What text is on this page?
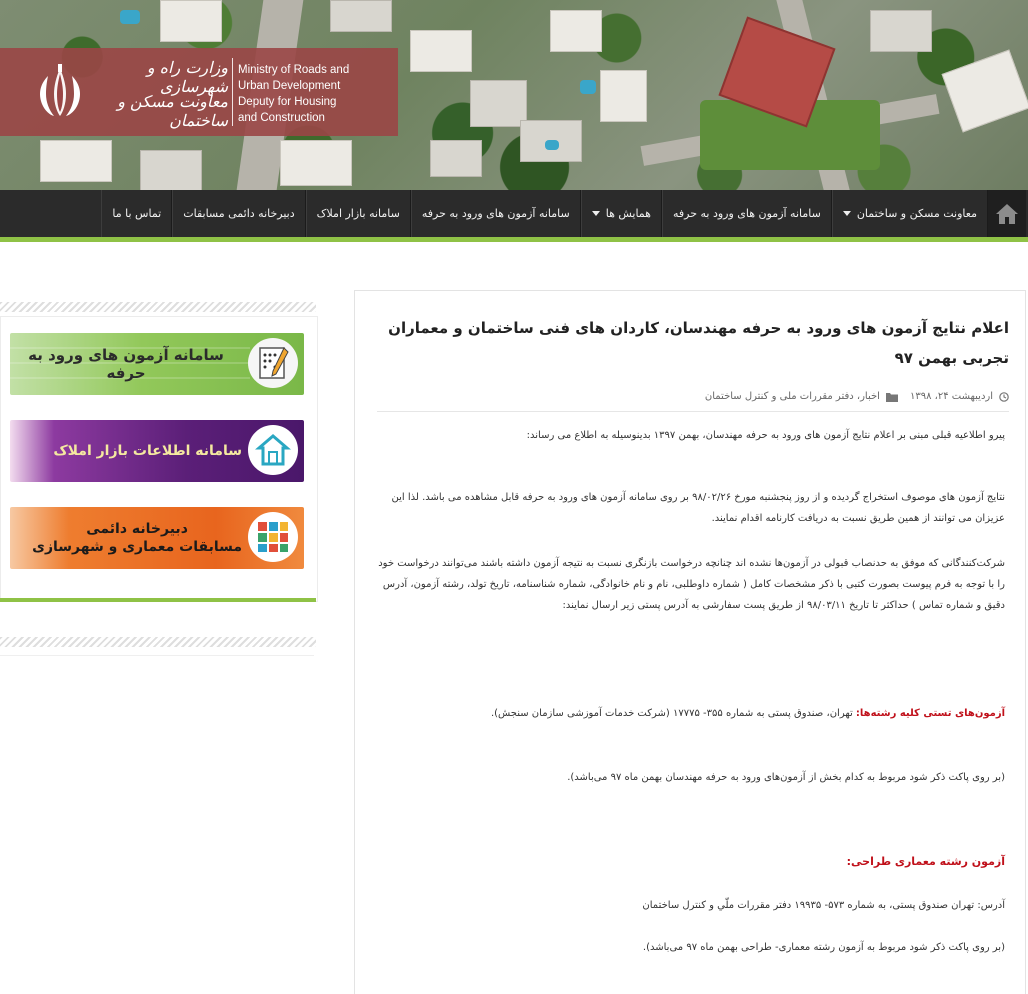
وزارت راه و شهرسازی
معاونت مسکن و ساختمان
Ministry of Roads and
Urban Development
Deputy for Housing
and Construction
معاونت مسکن و ساختمان
سامانه آزمون های ورود به حرفه
همایش ها
سامانه آزمون های ورود به حرفه
سامانه بازار املاک
دبیرخانه دائمی مسابقات
تماس با ما
سامانه آزمون های ورود به حرفه
سامانه اطلاعات بازار املاک
دبیرخانه دائمی
مسابقات معماری و شهرسازی
اعلام نتایج آزمون های ورود به حرفه مهندسان، کاردان های فنی ساختمان و معماران تجربی بهمن ۹۷
اردیبهشت ۲۴، ۱۳۹۸
اخبار، دفتر مقررات ملی و کنترل ساختمان
پیرو اطلاعیه قبلی مبنی بر اعلام نتایج آزمون های ورود به حرفه مهندسان، بهمن ۱۳۹۷ بدینوسیله به اطلاع می رساند:
نتایج آزمون های موصوف استخراج گردیده و از روز پنجشنبه مورخ ۹۸/۰۲/۲۶ بر روی سامانه آزمون های ورود به حرفه قابل مشاهده می باشد. لذا این عزیزان می توانند از همین طریق نسبت به دریافت کارنامه اقدام نمایند.
شرکت‌کنندگانی که موفق به حدنصاب قبولی در آزمون‌ها نشده اند چنانچه درخواست بازنگری نسبت به نتیجه آزمون داشته باشند می‌توانند درخواست خود را با توجه به فرم پیوست بصورت کتبی با ذکر مشخصات کامل ( شماره داوطلبی، نام و نام خانوادگی، شماره شناسنامه، تاریخ تولد، رشته آزمون، آدرس دقیق و شماره تماس ) حداکثر تا تاریخ ۹۸/۰۳/۱۱ از طریق پست سفارشی به آدرس پستی زیر ارسال نمایند:
آزمون‌های تستی کلیه رشته‌ها: تهران، صندوق پستی به شماره ۳۵۵- ۱۷۷۷۵ (شرکت خدمات آموزشی سازمان سنجش).
(بر روی پاکت ذکر شود مربوط به کدام بخش از آزمون‌های ورود به حرفه مهندسان بهمن ماه ۹۷ می‌باشد).
آزمون رشته معماری طراحی:
آدرس: تهران صندوق پستی، به شماره ۵۷۳- ۱۹۹۳۵ دفتر مقررات ملّي و كنترل ساختمان
(بر روی پاکت ذکر شود مربوط به آزمون رشته معماری- طراحی بهمن ماه ۹۷ می‌باشد).
